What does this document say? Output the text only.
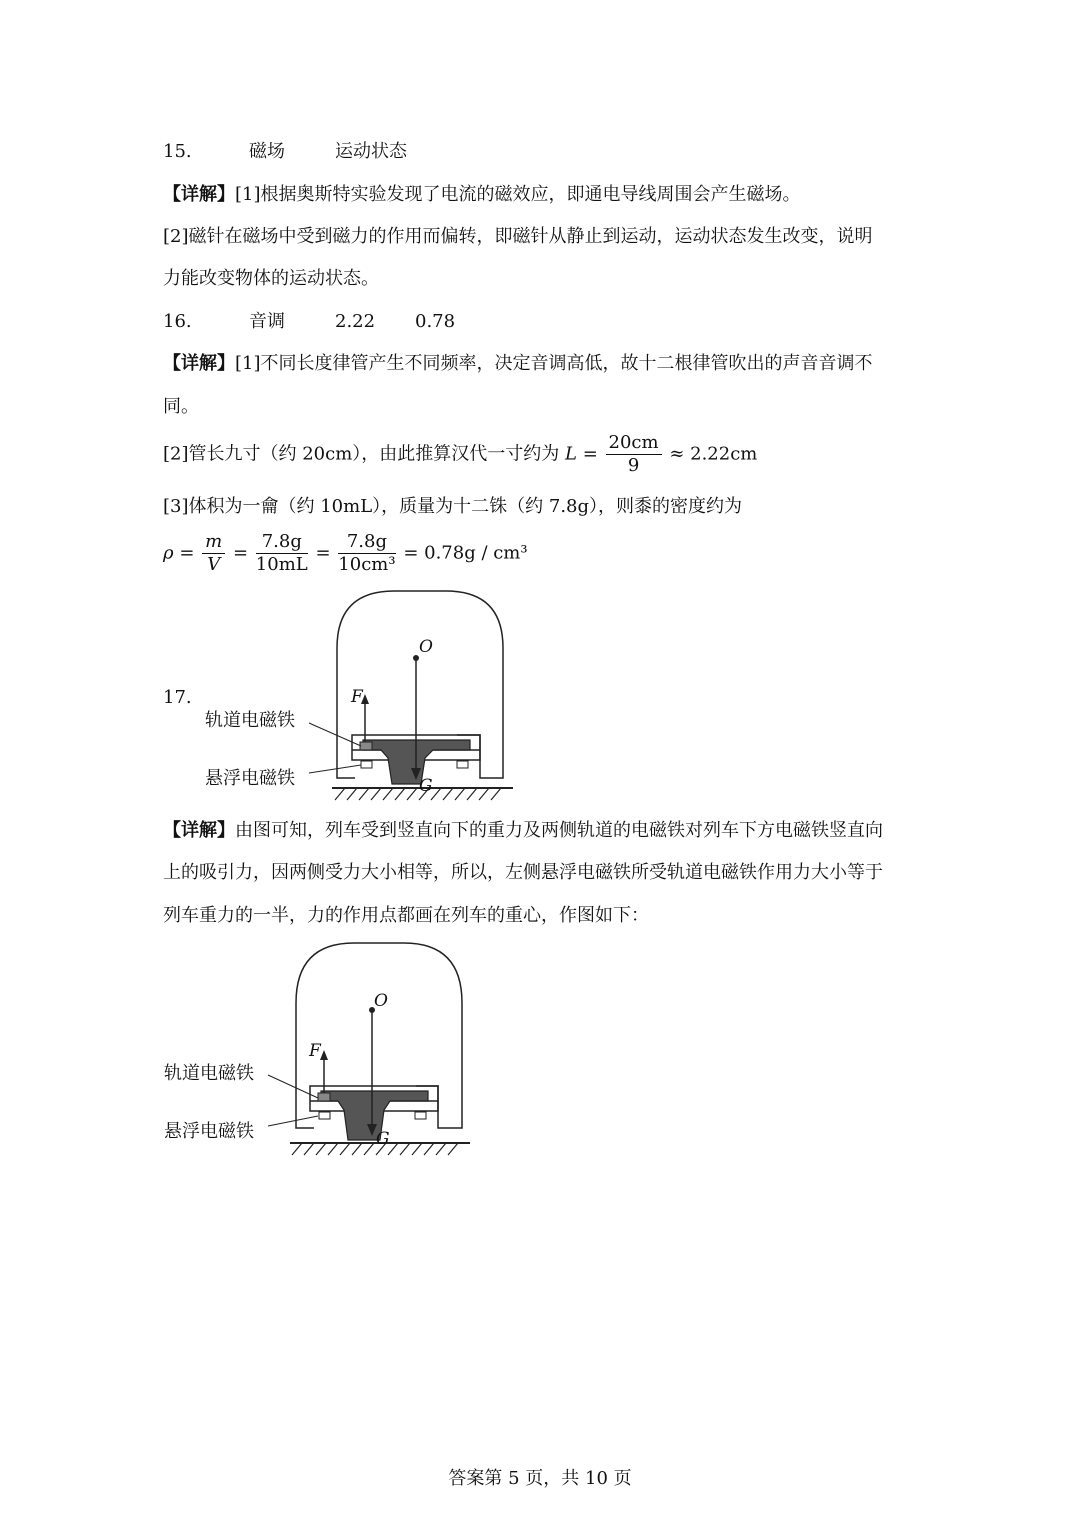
15.	磁场	运动状态
【详解】[1]根据奥斯特实验发现了电流的磁效应，即通电导线周围会产生磁场。
[2]磁针在磁场中受到磁力的作用而偏转，即磁针从静止到运动，运动状态发生改变，说明
力能改变物体的运动状态。
16.	音调	2.22 0.78
【详解】[1]不同长度律管产生不同频率，决定音调高低，故十二根律管吹出的声音音调不
同。
[2]管长九寸（约 20cm），由此推算汉代一寸约为 $L = \frac{20cm}{9} \approx 2.22cm$
[3]体积为一龠（约 10mL），质量为十二铢（约 7.8g），则黍的密度约为
$\rho = \frac{m}{V} = \frac{7.8g}{10mL} = \frac{7.8g}{\text{10cm³}} = 0.78g / cm^3$
17.
O
F
G
轨道电磁铁
悬浮电磁铁
【详解】由图可知，列车受到竖直向下的重力及两侧轨道的电磁铁对列车下方电磁铁竖直向
上的吸引力，因两侧受力大小相等，所以，左侧悬浮电磁铁所受轨道电磁铁作用力大小等于
列车重力的一半，力的作用点都画在列车的重心，作图如下：
O
F
G
轨道电磁铁
悬浮电磁铁
答案第 5 页，共 10 页
